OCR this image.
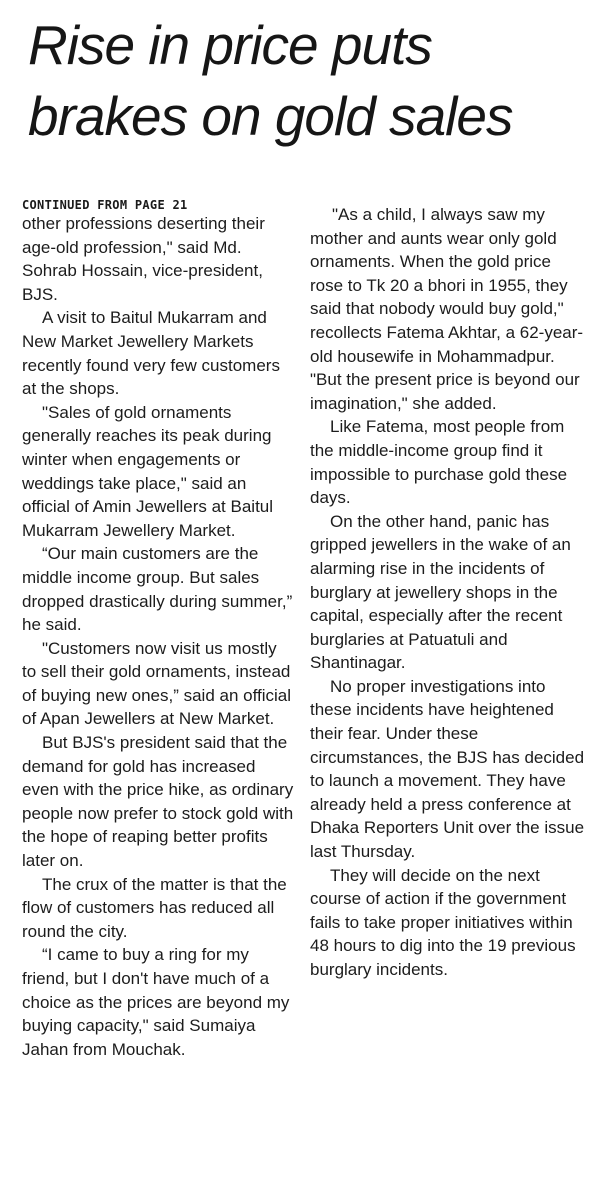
Rise in price puts
brakes on gold sales
CONTINUED FROM PAGE 21

other professions deserting their age-old profession," said Md. Sohrab Hossain, vice-president, BJS.

A visit to Baitul Mukarram and New Market Jewellery Markets recently found very few customers at the shops.

"Sales of gold ornaments generally reaches its peak during winter when engagements or weddings take place," said an official of Amin Jewellers at Baitul Mukarram Jewellery Market.

“Our main customers are the middle income group. But sales dropped drastically during summer,” he said.

"Customers now visit us mostly to sell their gold ornaments, instead of buying new ones,” said an official of Apan Jewellers at New Market.

But BJS's president said that the demand for gold has increased even with the price hike, as ordinary people now prefer to stock gold with the hope of reaping better profits later on.

The crux of the matter is that the flow of customers has reduced all round the city.

“I came to buy a ring for my friend, but I don't have much of a choice as the prices are beyond my buying capacity," said Sumaiya Jahan from Mouchak.

"As a child, I always saw my mother and aunts wear only gold ornaments. When the gold price rose to Tk 20 a bhori in 1955, they said that nobody would buy gold," recollects Fatema Akhtar, a 62-year-old housewife in Mohammadpur. "But the present price is beyond our imagination," she added.

Like Fatema, most people from the middle-income group find it impossible to purchase gold these days.

On the other hand, panic has gripped jewellers in the wake of an alarming rise in the incidents of burglary at jewellery shops in the capital, especially after the recent burglaries at Patuatuli and Shantinagar.

No proper investigations into these incidents have heightened their fear. Under these circumstances, the BJS has decided to launch a movement. They have already held a press conference at Dhaka Reporters Unit over the issue last Thursday.

They will decide on the next course of action if the government fails to take proper initiatives within 48 hours to dig into the 19 previous burglary incidents.
